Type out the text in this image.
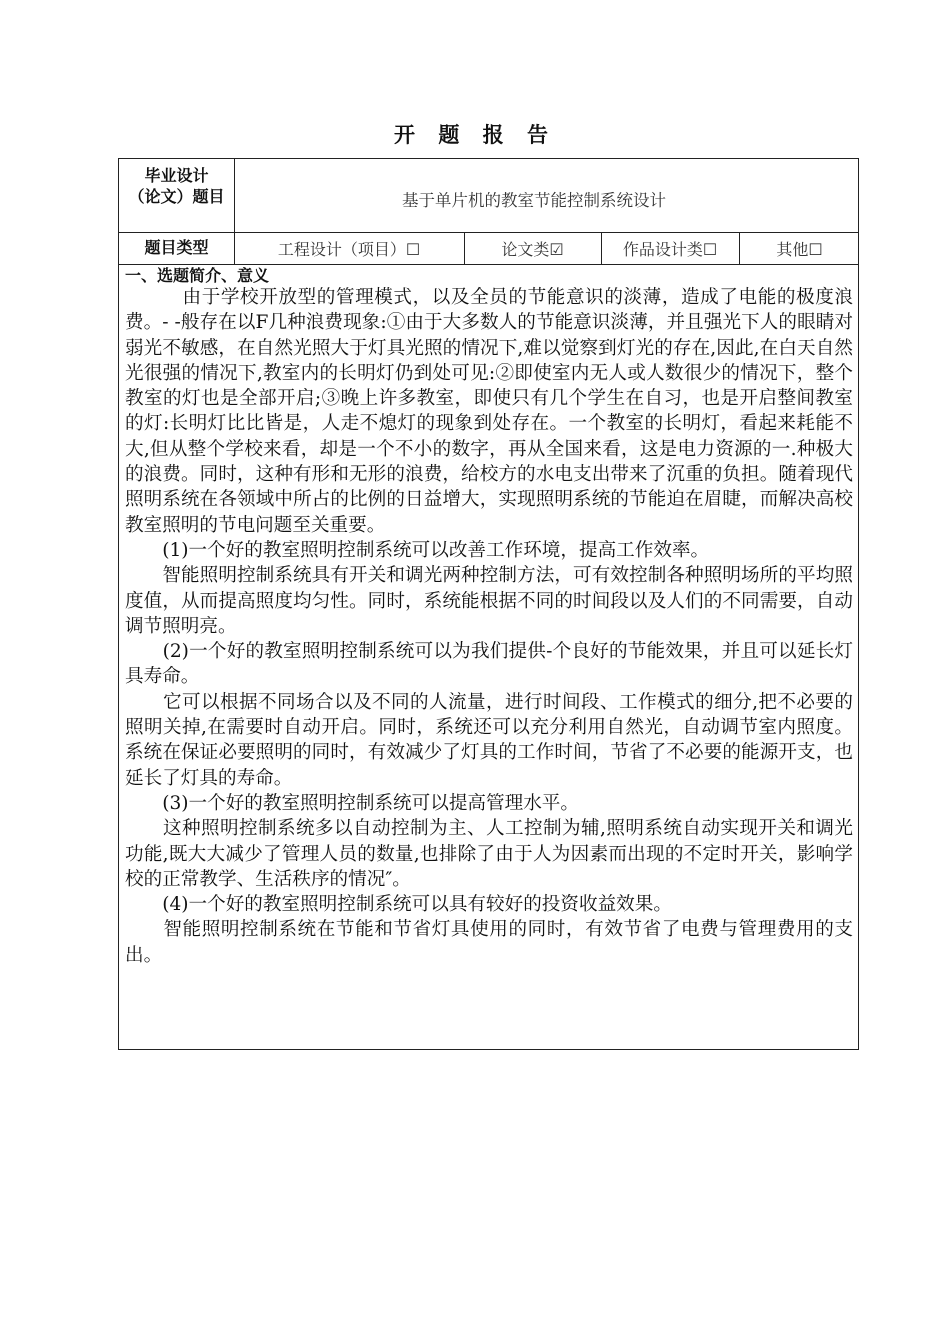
开 题 报 告
毕业设计
（论文）题目	基于单片机的教室节能控制系统设计
题目类型	工程设计（项目）☐	论文类☑	作品设计类☐	其他☐
一、选题简介、意义

　　　由于学校开放型的管理模式，以及全员的节能意识的淡薄，造成了电能的极度浪费。- -般存在以F几种浪费现象:①由于大多数人的节能意识淡薄，并且强光下人的眼睛对弱光不敏感，在自然光照大于灯具光照的情况下,难以觉察到灯光的存在,因此,在白天自然光很强的情况下,教室内的长明灯仍到处可见:②即使室内无人或人数很少的情况下，整个教室的灯也是全部开启;③晚上许多教室，即使只有几个学生在自习，也是开启整间教室的灯:长明灯比比皆是，人走不熄灯的现象到处存在。一个教室的长明灯，看起来耗能不大,但从整个学校来看，却是一个不小的数字，再从全国来看，这是电力资源的一.种极大的浪费。同时，这种有形和无形的浪费，给校方的水电支出带来了沉重的负担。随着现代照明系统在各领域中所占的比例的日益增大，实现照明系统的节能迫在眉睫，而解决高校教室照明的节电问题至关重要。

　　(1)一个好的教室照明控制系统可以改善工作环境，提高工作效率。

　　智能照明控制系统具有开关和调光两种控制方法，可有效控制各种照明场所的平均照度值，从而提高照度均匀性。同时，系统能根据不同的时间段以及人们的不同需要，自动调节照明亮。

　　(2)一个好的教室照明控制系统可以为我们提供-个良好的节能效果，并且可以延长灯具寿命。

　　它可以根据不同场合以及不同的人流量，进行时间段、工作模式的细分,把不必要的照明关掉,在需要时自动开启。同时，系统还可以充分利用自然光，自动调节室内照度。系统在保证必要照明的同时，有效减少了灯具的工作时间，节省了不必要的能源开支，也延长了灯具的寿命。

　　(3)一个好的教室照明控制系统可以提高管理水平。

　　这种照明控制系统多以自动控制为主、人工控制为辅,照明系统自动实现开关和调光功能,既大大减少了管理人员的数量,也排除了由于人为因素而出现的不定时开关，影响学校的正常教学、生活秩序的情况″。

　　(4)一个好的教室照明控制系统可以具有较好的投资收益效果。

　　智能照明控制系统在节能和节省灯具使用的同时，有效节省了电费与管理费用的支出。
